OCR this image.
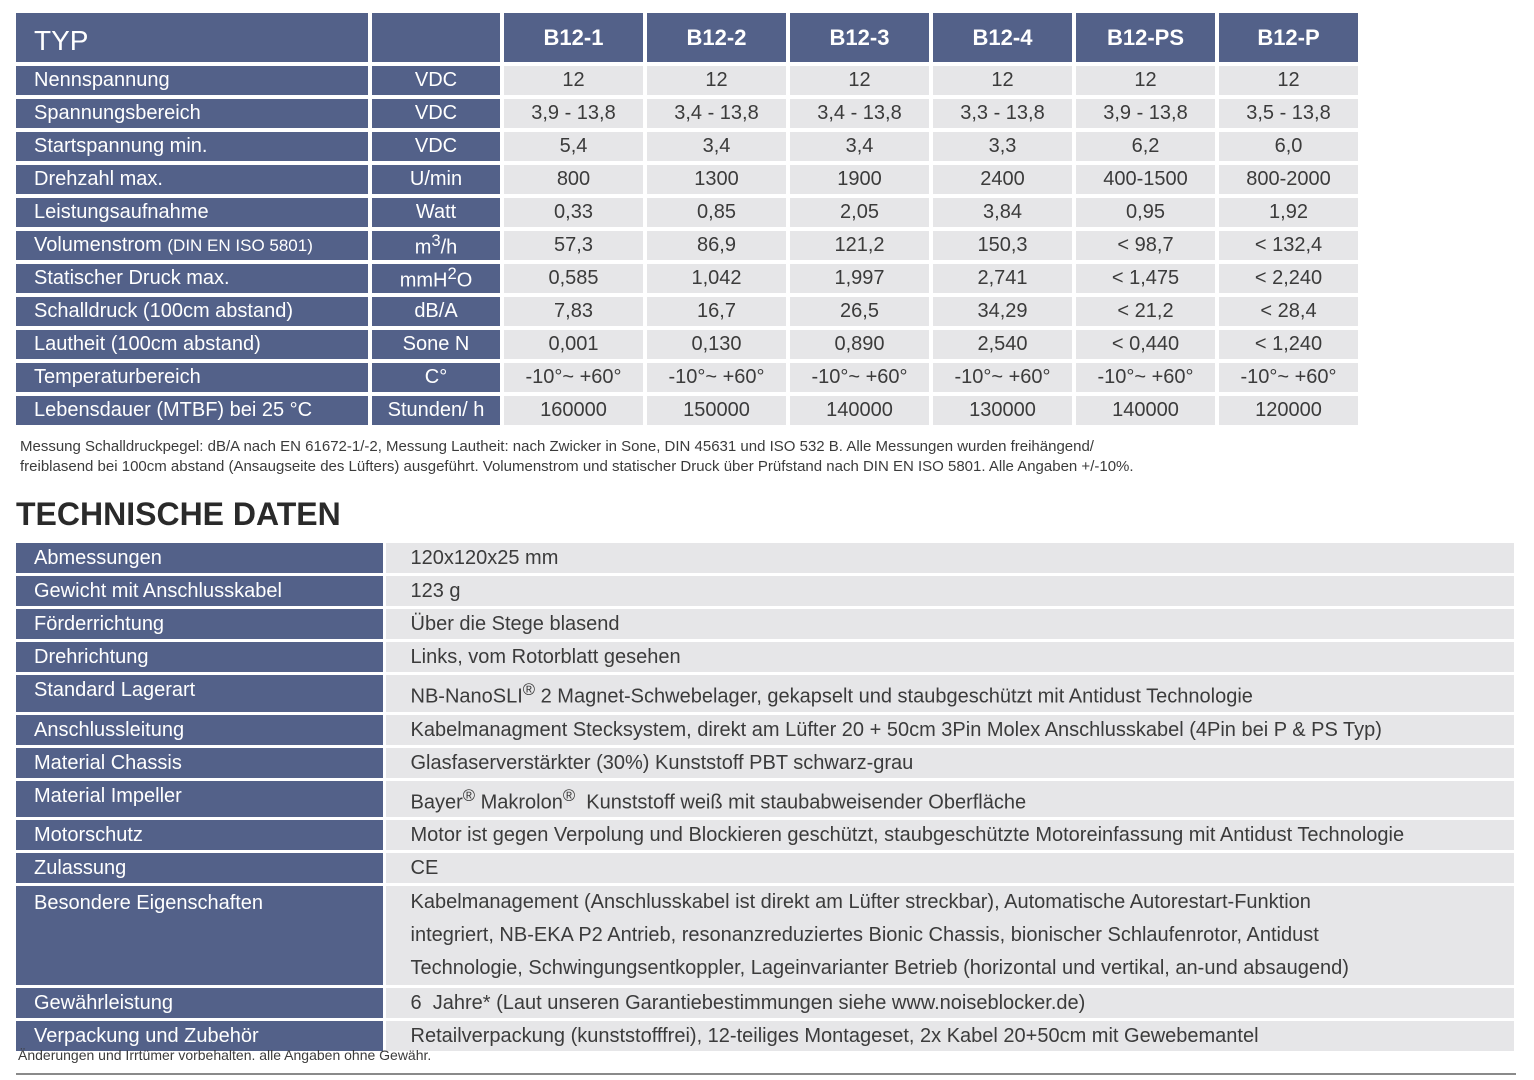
TYP		B12-1	B12-2	B12-3	B12-4	B12-PS	B12-P
Nennspannung	VDC	12	12	12	12	12	12
Spannungsbereich	VDC	3,9 - 13,8	3,4 - 13,8	3,4 - 13,8	3,3 - 13,8	3,9 - 13,8	3,5 - 13,8
Startspannung min.	VDC	5,4	3,4	3,4	3,3	6,2	6,0
Drehzahl max.	U/min	800	1300	1900	2400	400-1500	800-2000
Leistungsaufnahme	Watt	0,33	0,85	2,05	3,84	0,95	1,92
Volumenstrom (DIN EN ISO 5801)	$m^3/h$	57,3	86,9	121,2	150,3	< 98,7	< 132,4
Statischer Druck max.	mmH$^2$O	0,585	1,042	1,997	2,741	< 1,475	< 2,240
Schalldruck (100cm abstand)	dB/A	7,83	16,7	26,5	34,29	< 21,2	< 28,4
Lautheit (100cm abstand)	Sone N	0,001	0,130	0,890	2,540	< 0,440	< 1,240
Temperaturbereich	C°	-10°~ +60°	-10°~ +60°	-10°~ +60°	-10°~ +60°	-10°~ +60°	-10°~ +60°
Lebensdauer (MTBF) bei 25 °C	Stunden/ h	160000	150000	140000	130000	140000	120000
Messung Schalldruckpegel: dB/A nach EN 61672-1/-2, Messung Lautheit: nach Zwicker in Sone, DIN 45631 und ISO 532 B. Alle Messungen wurden freihängend/
freiblasend bei 100cm abstand (Ansaugseite des Lüfters) ausgeführt. Volumenstrom und statischer Druck über Prüfstand nach DIN EN ISO 5801. Alle Angaben +/-10%.
TECHNISCHE DATEN
Abmessungen	120x120x25 mm
Gewicht mit Anschlusskabel	123 g
Förderrichtung	Über die Stege blasend
Drehrichtung	Links, vom Rotorblatt gesehen
Standard Lagerart	NB-NanoSLI® 2 Magnet-Schwebelager, gekapselt und staubgeschützt mit Antidust Technologie
Anschlussleitung	Kabelmanagment Stecksystem, direkt am Lüfter 20 + 50cm 3Pin Molex Anschlusskabel (4Pin bei P & PS Typ)
Material Chassis	Glasfaserverstärkter (30%) Kunststoff PBT schwarz-grau
Material Impeller	Bayer® Makrolon®  Kunststoff weiß mit staubabweisender Oberfläche
Motorschutz	Motor ist gegen Verpolung und Blockieren geschützt, staubgeschützte Motoreinfassung mit Antidust Technologie
Zulassung	CE
Besondere Eigenschaften	Kabelmanagement (Anschlusskabel ist direkt am Lüfter streckbar), Automatische Autorestart-Funktion
integriert, NB-EKA P2 Antrieb, resonanzreduziertes Bionic Chassis, bionischer Schlaufenrotor, Antidust
Technologie, Schwingungsentkoppler, Lageinvarianter Betrieb (horizontal und vertikal, an-und absaugend)

Gewährleistung	6  Jahre* (Laut unseren Garantiebestimmungen siehe www.noiseblocker.de)
Verpackung und Zubehör	Retailverpackung (kunststofffrei), 12-teiliges Montageset, 2x Kabel 20+50cm mit Gewebemantel
Änderungen und Irrtümer vorbehalten. alle Angaben ohne Gewähr.
